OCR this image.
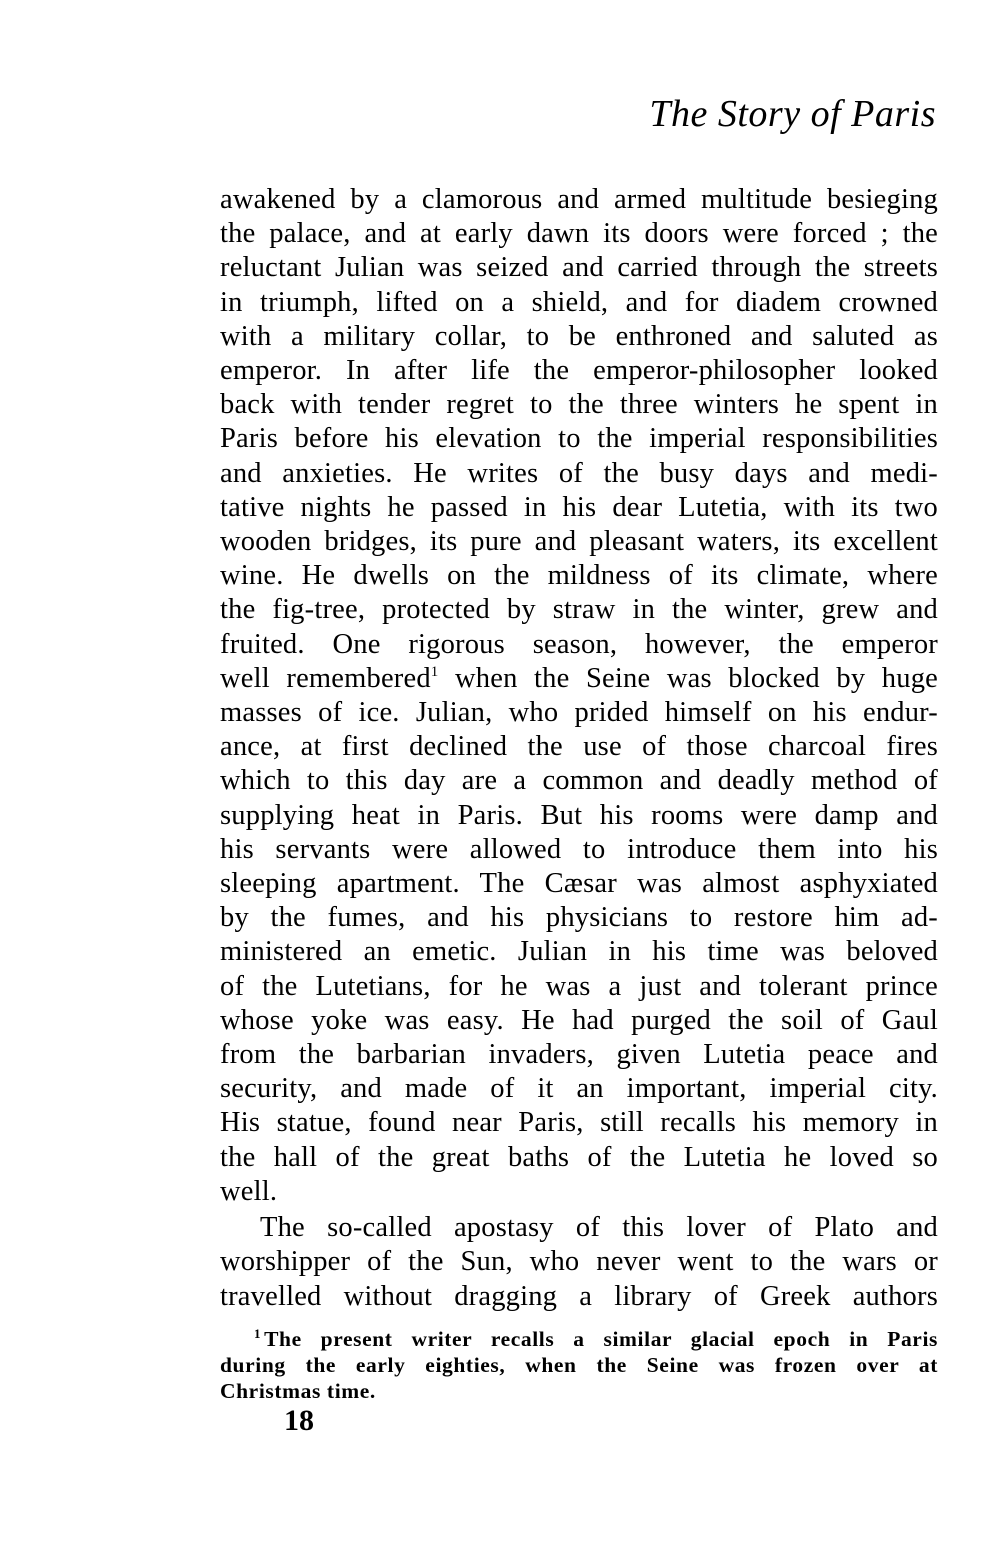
The Story of Paris
awakened by a clamorous and armed multitude besieging
the palace, and at early dawn its doors were forced ; the
reluctant Julian was seized and carried through the streets
in triumph, lifted on a shield, and for diadem crowned
with a military collar, to be enthroned and saluted as
emperor. In after life the emperor-philosopher looked
back with tender regret to the three winters he spent in
Paris before his elevation to the imperial responsibilities
and anxieties. He writes of the busy days and medi-
tative nights he passed in his dear Lutetia, with its two
wooden bridges, its pure and pleasant waters, its excellent
wine. He dwells on the mildness of its climate, where
the fig-tree, protected by straw in the winter, grew and
fruited. One rigorous season, however, the emperor
well remembered$^1$ when the Seine was blocked by huge
masses of ice. Julian, who prided himself on his endur-
ance, at first declined the use of those charcoal fires
which to this day are a common and deadly method of
supplying heat in Paris. But his rooms were damp and
his servants were allowed to introduce them into his
sleeping apartment. The Cæsar was almost asphyxiated
by the fumes, and his physicians to restore him ad-
ministered an emetic. Julian in his time was beloved
of the Lutetians, for he was a just and tolerant prince
whose yoke was easy. He had purged the soil of Gaul
from the barbarian invaders, given Lutetia peace and
security, and made of it an important, imperial city.
His statue, found near Paris, still recalls his memory in
the hall of the great baths of the Lutetia he loved so
well.
The so-called apostasy of this lover of Plato and
worshipper of the Sun, who never went to the wars or
travelled without dragging a library of Greek authors
$^1$ The present writer recalls a similar glacial epoch in Paris
during the early eighties, when the Seine was frozen over at
Christmas time.

18
